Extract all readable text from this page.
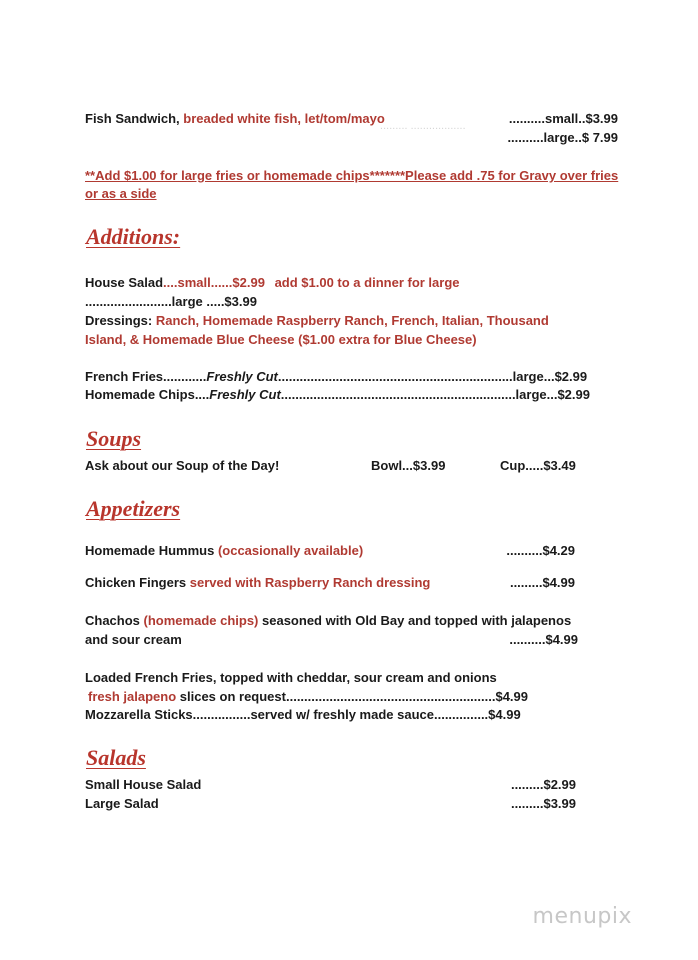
.................. .........
Fish Sandwich, breaded white fish, let/tom/mayo	..........small..$3.99
..........large..$ 7.99
**Add $1.00 for large fries or homemade chips*******Please add .75 for Gravy over fries or as a side
Additions:
House Salad....small......$2.99 add $1.00 to a dinner for large
........................large .....$3.99
Dressings: Ranch, Homemade Raspberry Ranch, French, Italian, Thousand
Island, & Homemade Blue Cheese ($1.00 extra for Blue Cheese)
French Fries............Freshly Cut.................................................................large...$2.99
Homemade Chips....Freshly Cut.................................................................large...$2.99
Soups
Ask about our Soup of the Day!	Bowl...$3.99	Cup.....$3.49
Appetizers
Homemade Hummus (occasionally available)	..........$4.29
Chicken Fingers served with Raspberry Ranch dressing	.........$4.99
Chachos (homemade chips) seasoned with Old Bay and topped with jalapenos
and sour cream	..........$4.99
Loaded French Fries, topped with cheddar, sour cream and onions
fresh jalapeno slices on request..........................................................$4.99
Mozzarella Sticks................served w/ freshly made sauce...............$4.99
Salads
Small House Salad	.........$2.99
Large Salad	.........$3.99
menupix
